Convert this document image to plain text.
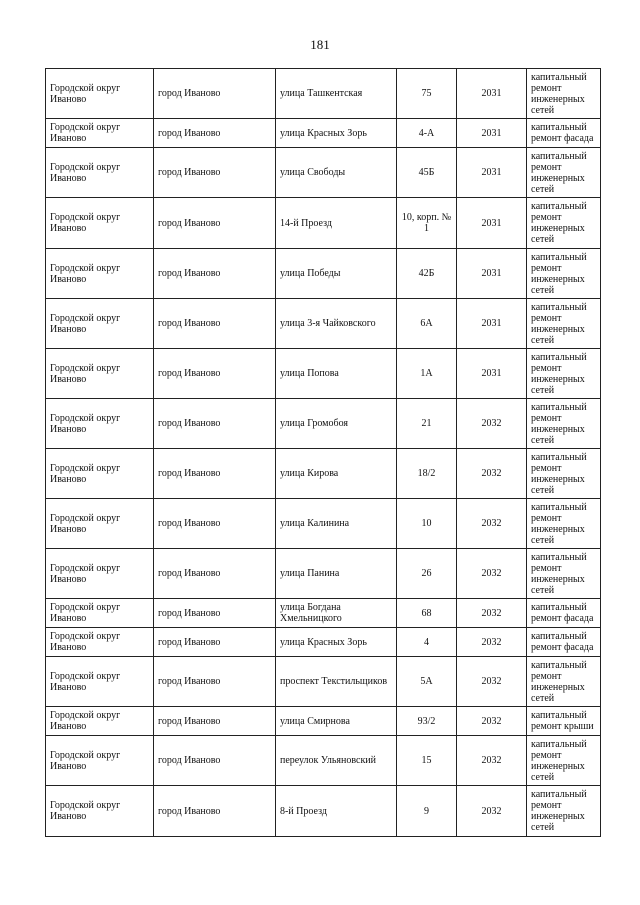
181
Городской округ Иваново	город Иваново	улица Ташкентская	75	2031	капитальный ремонт инженерных сетей
Городской округ Иваново	город Иваново	улица Красных Зорь	4-А	2031	капитальный ремонт фасада
Городской округ Иваново	город Иваново	улица Свободы	45Б	2031	капитальный ремонт инженерных сетей
Городской округ Иваново	город Иваново	14-й Проезд	10, корп. № 1	2031	капитальный ремонт инженерных сетей
Городской округ Иваново	город Иваново	улица Победы	42Б	2031	капитальный ремонт инженерных сетей
Городской округ Иваново	город Иваново	улица 3-я Чайковского	6А	2031	капитальный ремонт инженерных сетей
Городской округ Иваново	город Иваново	улица Попова	1А	2031	капитальный ремонт инженерных сетей
Городской округ Иваново	город Иваново	улица Громобоя	21	2032	капитальный ремонт инженерных сетей
Городской округ Иваново	город Иваново	улица Кирова	18/2	2032	капитальный ремонт инженерных сетей
Городской округ Иваново	город Иваново	улица Калинина	10	2032	капитальный ремонт инженерных сетей
Городской округ Иваново	город Иваново	улица Панина	26	2032	капитальный ремонт инженерных сетей
Городской округ Иваново	город Иваново	улица Богдана Хмельницкого	68	2032	капитальный ремонт фасада
Городской округ Иваново	город Иваново	улица Красных Зорь	4	2032	капитальный ремонт фасада
Городской округ Иваново	город Иваново	проспект Текстильщиков	5А	2032	капитальный ремонт инженерных сетей
Городской округ Иваново	город Иваново	улица Смирнова	93/2	2032	капитальный ремонт крыши
Городской округ Иваново	город Иваново	переулок Ульяновский	15	2032	капитальный ремонт инженерных сетей
Городской округ Иваново	город Иваново	8-й Проезд	9	2032	капитальный ремонт инженерных сетей
